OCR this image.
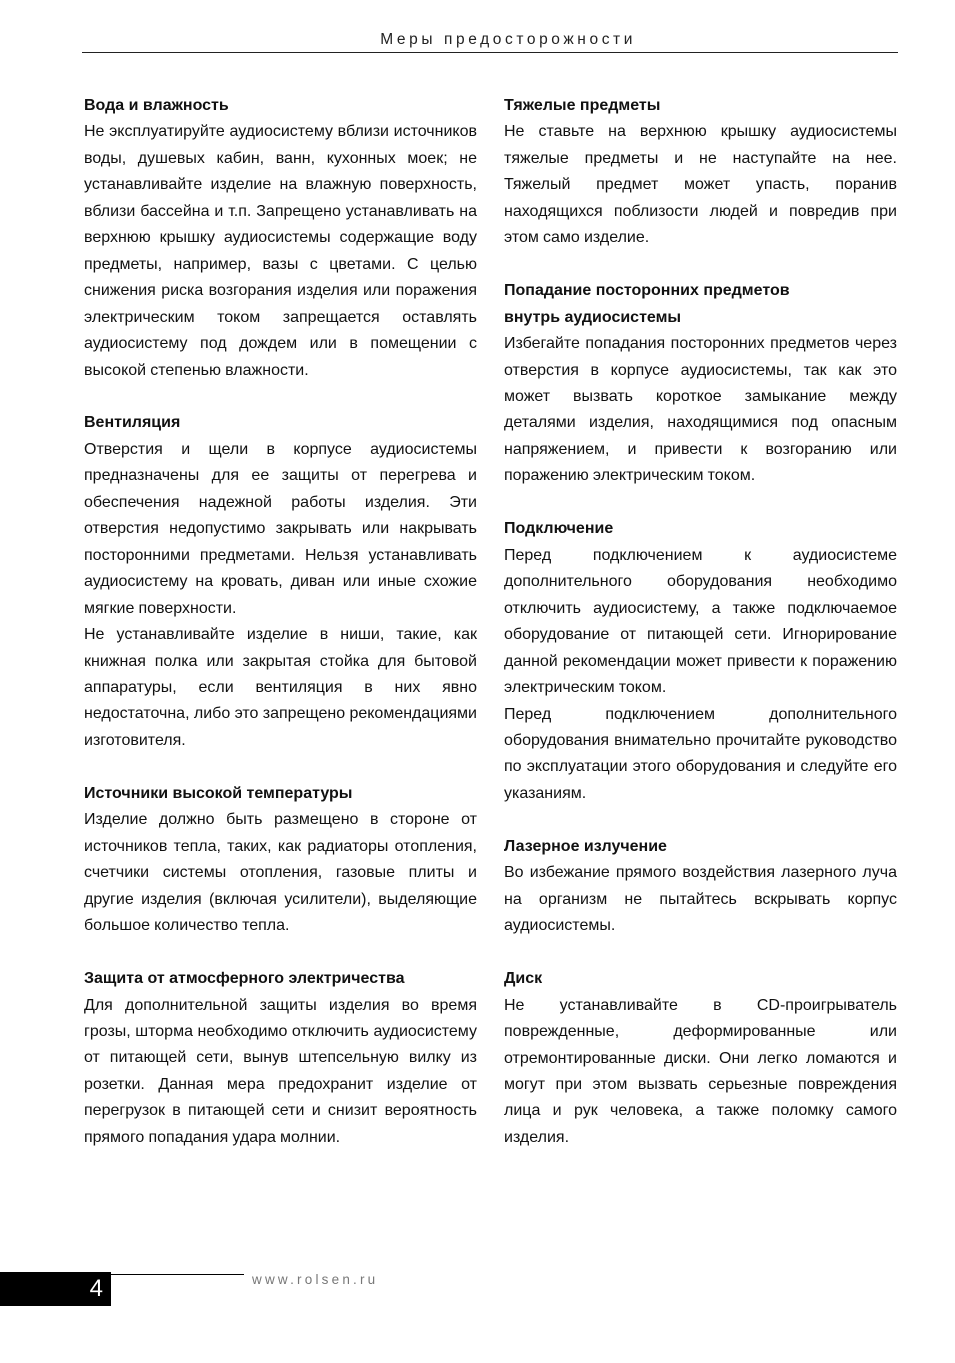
Меры предосторожности

Вода и влажность

Не эксплуатируйте аудиосистему вблизи источников воды, душевых кабин, ванн, кухонных моек; не устанавливайте изделие на влажную поверхность, вблизи бассейна и т.п. Запрещено устанавливать на верхнюю крышку аудиосистемы содержащие воду предметы, например, вазы с цветами. С целью снижения риска возгорания изделия или поражения электрическим током запрещается оставлять аудиосистему под дождем или в помещении с высокой степенью влажности.

Вентиляция

Отверстия и щели в корпусе аудиосистемы предназначены для ее защиты от перегрева и обеспечения надежной работы изделия. Эти отверстия недопустимо закрывать или накрывать посторонними предметами. Нельзя устанавливать аудиосистему на кровать, диван или иные схожие мягкие поверхности.

Не устанавливайте изделие в ниши, такие, как книжная полка или закрытая стойка для бытовой аппаратуры, если вентиляция в них явно недостаточна, либо это запрещено рекомендациями изготовителя.

Источники высокой температуры

Изделие должно быть размещено в стороне от источников тепла, таких, как радиаторы отопления, счетчики системы отопления, газовые плиты и другие изделия (включая усилители), выделяющие большое количество тепла.

Защита от атмосферного электричества

Для дополнительной защиты изделия во время грозы, шторма необходимо отключить аудиосистему от питающей сети, вынув штепсельную вилку из розетки. Данная мера предохранит изделие от перегрузок в питающей сети и снизит вероятность прямого попадания удара молнии.

Тяжелые предметы

Не ставьте на верхнюю крышку аудиосистемы тяжелые предметы и не наступайте на нее. Тяжелый предмет может упасть, поранив находящихся поблизости людей и повредив при этом само изделие.

Попадание посторонних предметов внутрь аудиосистемы

Избегайте попадания посторонних предметов через отверстия в корпусе аудиосистемы, так как это может вызвать короткое замыкание между деталями изделия, находящимися под опасным напряжением, и привести к возгоранию или поражению электрическим током.

Подключение

Перед подключением к аудиосистеме дополнительного оборудования необходимо отключить аудиосистему, а также подключаемое оборудование от питающей сети. Игнорирование данной рекомендации может привести к поражению электрическим током.

Перед подключением дополнительного оборудования внимательно прочитайте руководство по эксплуатации этого оборудования и следуйте его указаниям.

Лазерное излучение

Во избежание прямого воздействия лазерного луча на организм не пытайтесь вскрывать корпус аудиосистемы.

Диск

Не устанавливайте в CD-проигрыватель поврежденные, деформированные или отремонтированные диски. Они легко ломаются и могут при этом вызвать серьезные повреждения лица и рук человека, а также поломку самого изделия.

4	www.rolsen.ru
